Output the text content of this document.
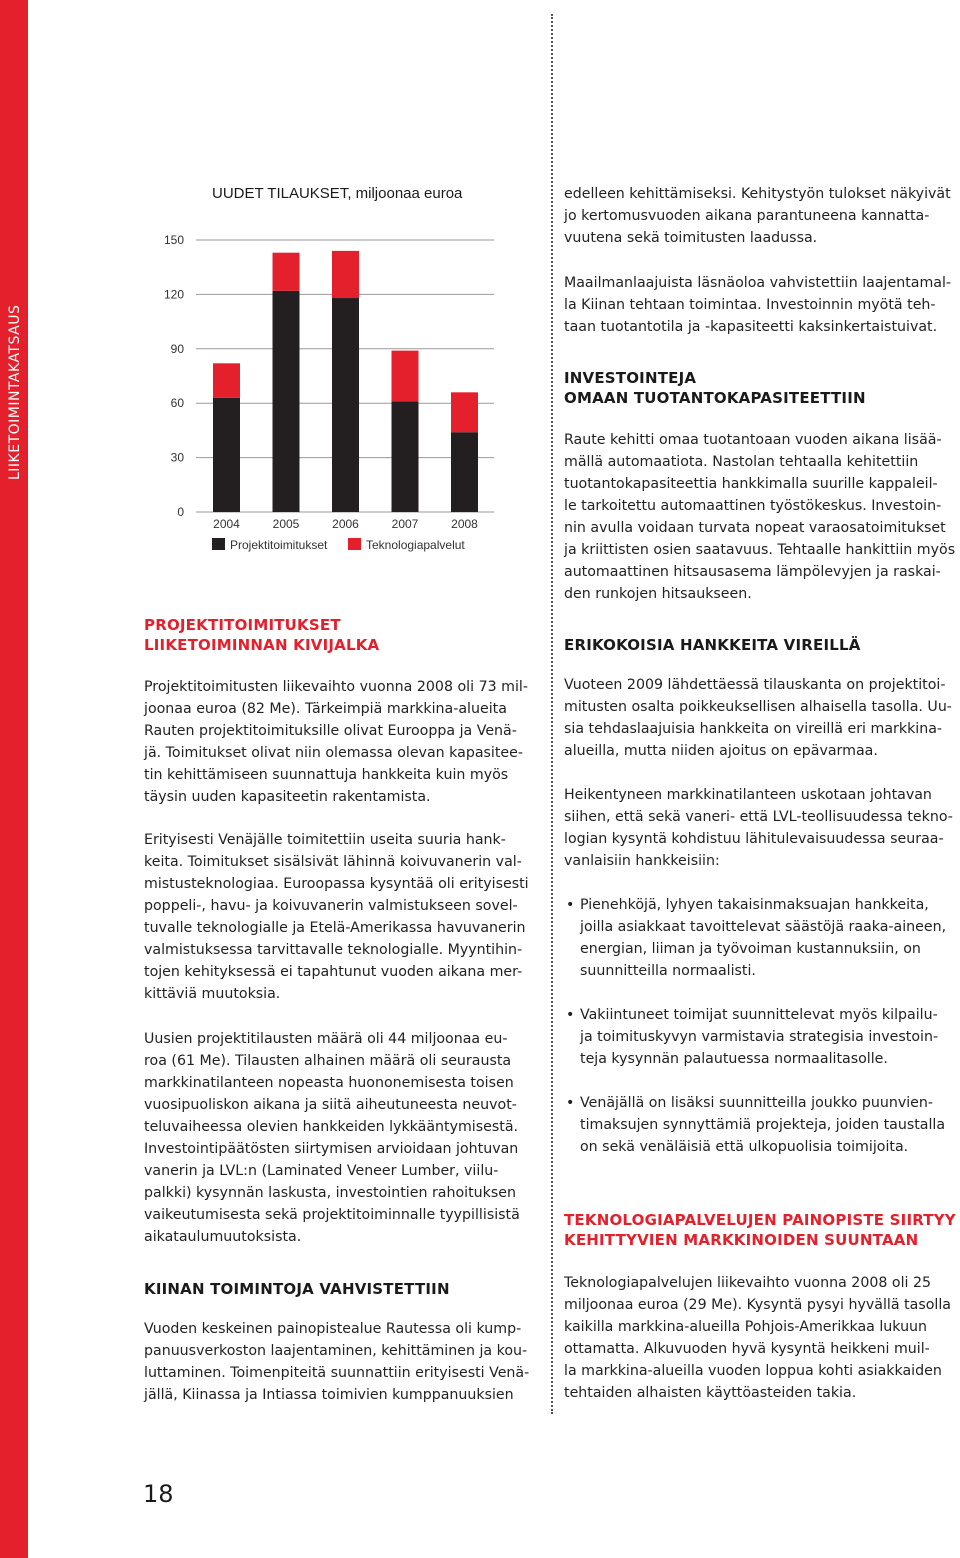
LIIKETOIMINTAKATSAUS
UUDET TILAUKSET, miljoonaa euroa
0
30
60
90
120
150
2004	2005	2006	2007	2008
Projektitoimitukset	Teknologiapalvelut
PROJEKTITOIMITUKSET
LIIKETOIMINNAN KIVIJALKA
Projektitoimitusten liikevaihto vuonna 2008 oli 73 mil-
joonaa euroa (82 Me). Tärkeimpiä markkina-alueita
Rauten projektitoimituksille olivat Eurooppa ja Venä-
jä. Toimitukset olivat niin olemassa olevan kapasitee-
tin kehittämiseen suunnattuja hankkeita kuin myös
täysin uuden kapasiteetin rakentamista.
Erityisesti Venäjälle toimitettiin useita suuria hank-
keita. Toimitukset sisälsivät lähinnä koivuvanerin val-
mistusteknologiaa. Euroopassa kysyntää oli erityisesti
poppeli-, havu- ja koivuvanerin valmistukseen sovel-
tuvalle teknologialle ja Etelä-Amerikassa havuvanerin
valmistuksessa tarvittavalle teknologialle. Myyntihin-
tojen kehityksessä ei tapahtunut vuoden aikana mer-
kittäviä muutoksia.
Uusien projektitilausten määrä oli 44 miljoonaa eu-
roa (61 Me). Tilausten alhainen määrä oli seurausta
markkinatilanteen nopeasta huononemisesta toisen
vuosipuoliskon aikana ja siitä aiheutuneesta neuvot-
teluvaiheessa olevien hankkeiden lykkääntymisestä.
Investointipäätösten siirtymisen arvioidaan johtuvan
vanerin ja LVL:n (Laminated Veneer Lumber, viilu-
palkki) kysynnän laskusta, investointien rahoituksen
vaikeutumisesta sekä projektitoiminnalle tyypillisistä
aikataulumuutoksista.
KIINAN TOIMINTOJA VAHVISTETTIIN
Vuoden keskeinen painopistealue Rautessa oli kump-
panuusverkoston laajentaminen, kehittäminen ja kou-
luttaminen. Toimenpiteitä suunnattiin erityisesti Venä-
jällä, Kiinassa ja Intiassa toimivien kumppanuuksien
edelleen kehittämiseksi. Kehitystyön tulokset näkyivät
jo kertomusvuoden aikana parantuneena kannatta-
vuutena sekä toimitusten laadussa.
Maailmanlaajuista läsnäoloa vahvistettiin laajentamal-
la Kiinan tehtaan toimintaa. Investoinnin myötä teh-
taan tuotantotila ja -kapasiteetti kaksinkertaistuivat.
INVESTOINTEJA
OMAAN TUOTANTOKAPASITEETTIIN
Raute kehitti omaa tuotantoaan vuoden aikana lisää-
mällä automaatiota. Nastolan tehtaalla kehitettiin
tuotantokapasiteettia hankkimalla suurille kappaleil-
le tarkoitettu automaattinen työstökeskus. Investoin-
nin avulla voidaan turvata nopeat varaosatoimitukset
ja kriittisten osien saatavuus. Tehtaalle hankittiin myös
automaattinen hitsausasema lämpölevyjen ja raskai-
den runkojen hitsaukseen.
ERIKOKOISIA HANKKEITA VIREILLÄ
Vuoteen 2009 lähdettäessä tilauskanta on projektitoi-
mitusten osalta poikkeuksellisen alhaisella tasolla. Uu-
sia tehdaslaajuisia hankkeita on vireillä eri markkina-
alueilla, mutta niiden ajoitus on epävarmaa.
Heikentyneen markkinatilanteen uskotaan johtavan
siihen, että sekä vaneri- että LVL-teollisuudessa tekno-
logian kysyntä kohdistuu lähitulevaisuudessa seuraa-
vanlaisiin hankkeisiin:
• Pienehköjä, lyhyen takaisinmaksuajan hankkeita,
joilla asiakkaat tavoittelevat säästöjä raaka-aineen,
energian, liiman ja työvoiman kustannuksiin, on
suunnitteilla normaalisti.
• Vakiintuneet toimijat suunnittelevat myös kilpailu-
ja toimituskyvyn varmistavia strategisia investoin-
teja kysynnän palautuessa normaalitasolle.
• Venäjällä on lisäksi suunnitteilla joukko puunvien-
timaksujen synnyttämiä projekteja, joiden taustalla
on sekä venäläisiä että ulkopuolisia toimijoita.
TEKNOLOGIAPALVELUJEN PAINOPISTE SIIRTYY
KEHITTYVIEN MARKKINOIDEN SUUNTAAN
Teknologiapalvelujen liikevaihto vuonna 2008 oli 25
miljoonaa euroa (29 Me). Kysyntä pysyi hyvällä tasolla
kaikilla markkina-alueilla Pohjois-Amerikkaa lukuun
ottamatta. Alkuvuoden hyvä kysyntä heikkeni muil-
la markkina-alueilla vuoden loppua kohti asiakkaiden
tehtaiden alhaisten käyttöasteiden takia.
18
